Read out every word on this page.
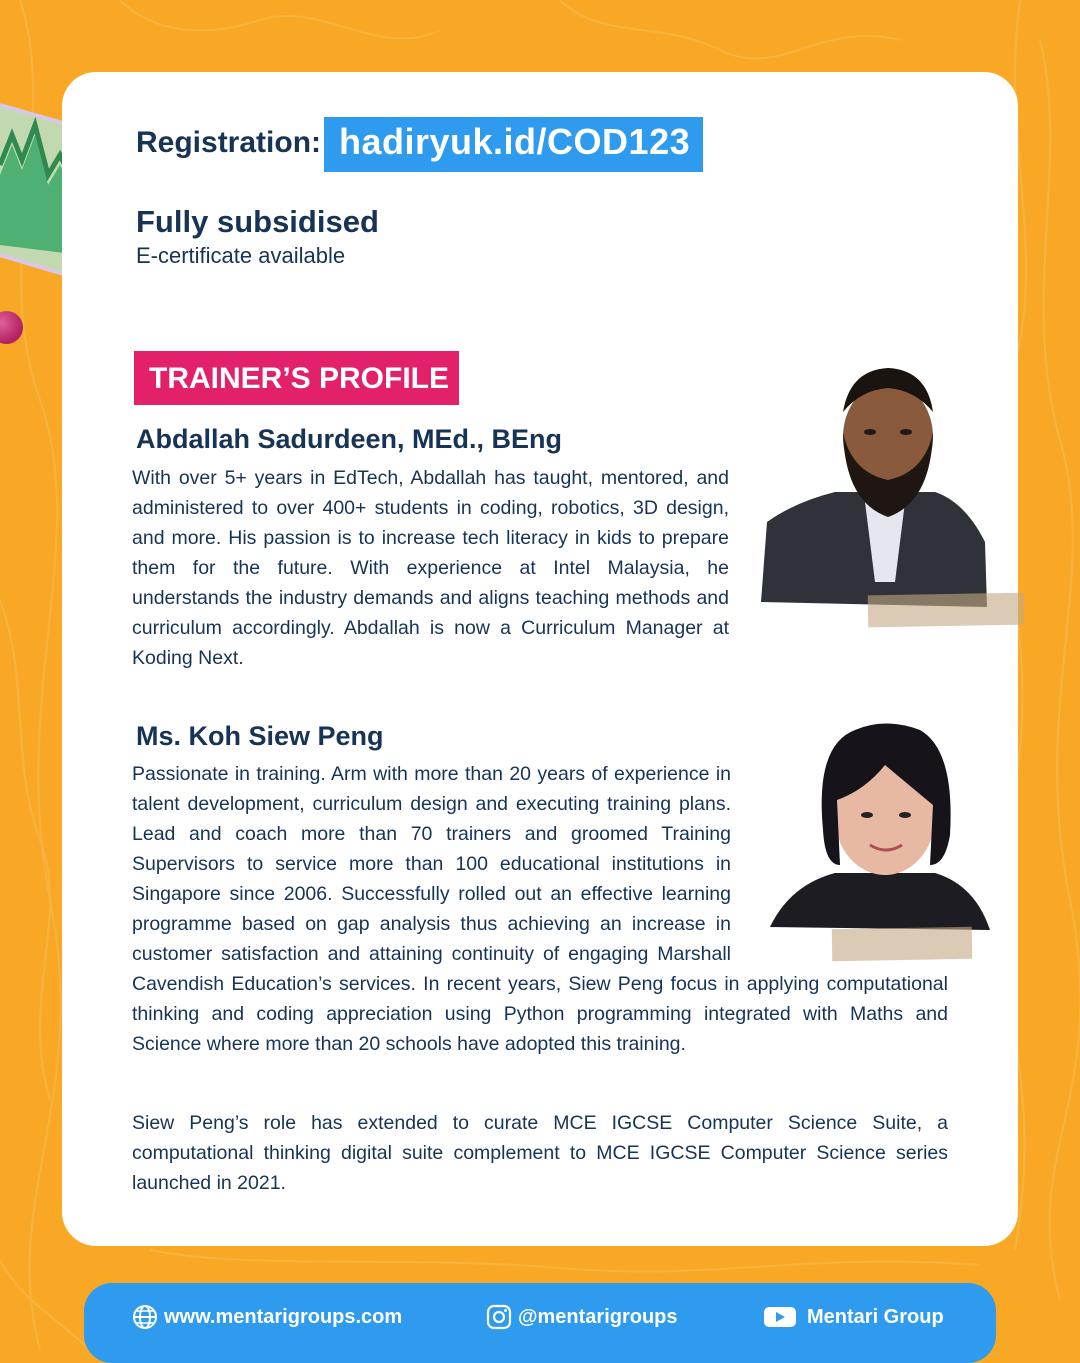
Registration: hadiryuk.id/COD123
Fully subsidised
E-certificate available
TRAINER’S PROFILE
Abdallah Sadurdeen, MEd., BEng

With over 5+ years in EdTech, Abdallah has taught, mentored, and administered to over 400+ students in coding, robotics, 3D design, and more. His passion is to increase tech literacy in kids to prepare them for the future. With experience at Intel Malaysia, he understands the industry demands and aligns teaching methods and curriculum accordingly. Abdallah is now a Curriculum Manager at Koding Next.

Ms. Koh Siew Peng
Passionate in training. Arm with more than 20 years of experience in talent development, curriculum design and executing training plans. Lead and coach more than 70 trainers and groomed Training Supervisors to service more than 100 educational institutions in Singapore since 2006. Successfully rolled out an effective learning programme based on gap analysis thus achieving an increase in customer satisfaction and attaining continuity of engaging Marshall Cavendish Education’s services. In recent years, Siew Peng focus in applying computational thinking and coding appreciation using Python programming integrated with Maths and Science where more than 20 schools have adopted this training.

Siew Peng’s role has extended to curate MCE IGCSE Computer Science Suite, a computational thinking digital suite complement to MCE IGCSE Computer Science series launched in 2021.

www.mentarigroups.com	@mentarigroups	Mentari Group
